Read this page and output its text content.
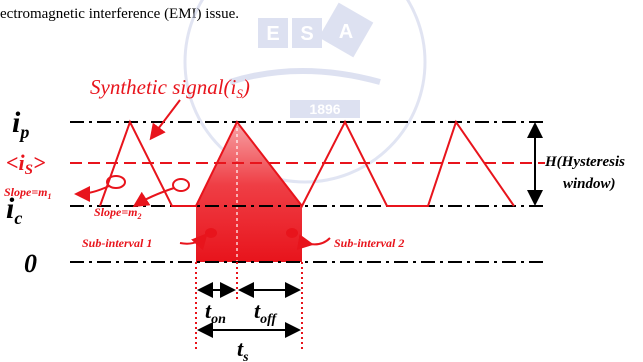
ectromagnetic interference (EMI) issue.
E S A
1896
$i_p$
<iS>
$i_c$
0
Synthetic signal(iS)
$Slope=m_1$
$Slope=m_2$
Sub-interval 1	Sub-interval 2
H(Hysteresis
window)
$t_{on}$ $t_{off}$
$t_s$
